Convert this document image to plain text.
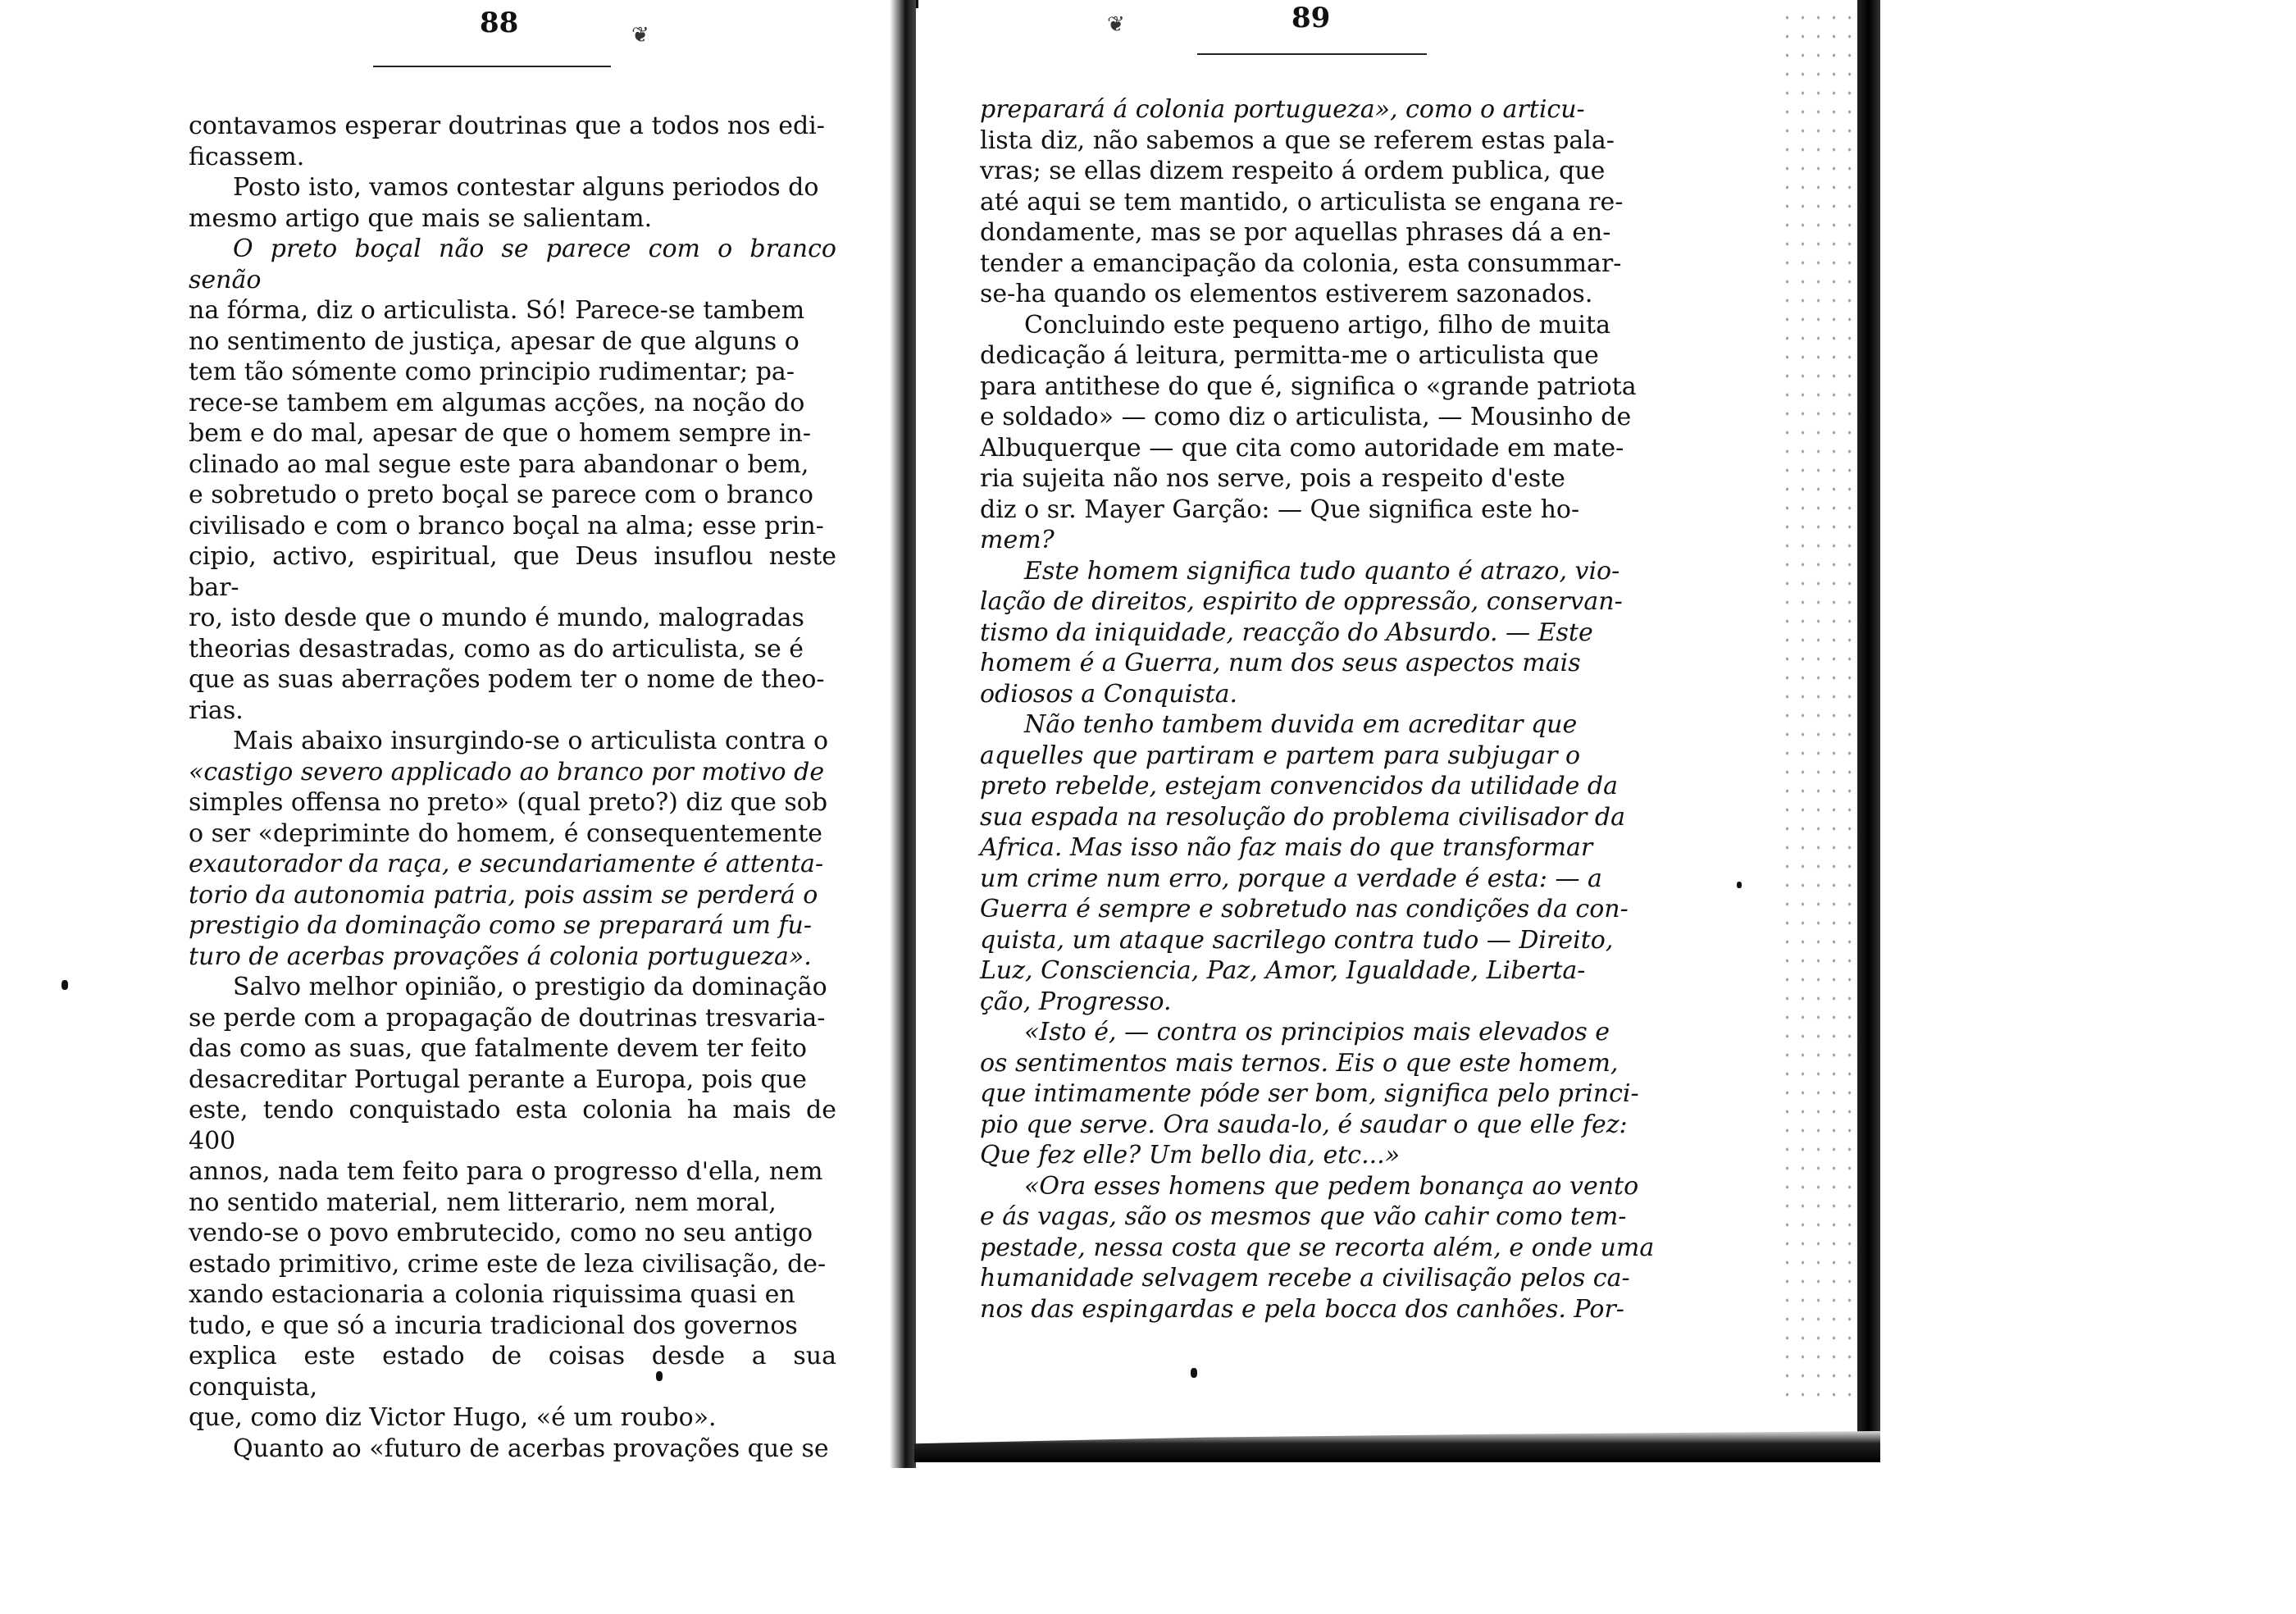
88	❦	❦	89

contavamos esperar doutrinas que a todos nos edi-

ficassem.

Posto isto, vamos contestar alguns periodos do

mesmo artigo que mais se salientam.

O preto boçal não se parece com o branco senão

na fórma, diz o articulista. Só! Parece-se tambem

no sentimento de justiça, apesar de que alguns o

tem tão sómente como principio rudimentar; pa-

rece-se tambem em algumas acções, na noção do

bem e do mal, apesar de que o homem sempre in-

clinado ao mal segue este para abandonar o bem,

e sobretudo o preto boçal se parece com o branco

civilisado e com o branco boçal na alma; esse prin-

cipio, activo, espiritual, que Deus insuflou neste bar-

ro, isto desde que o mundo é mundo, malogradas

theorias desastradas, como as do articulista, se é

que as suas aberrações podem ter o nome de theo-

rias.

Mais abaixo insurgindo-se o articulista contra o

«castigo severo applicado ao branco por motivo de

simples offensa no preto» (qual preto?) diz que sob

o ser «depriminte do homem, é consequentemente

exautorador da raça, e secundariamente é attenta-

torio da autonomia patria, pois assim se perderá o

prestigio da dominação como se preparará um fu-

turo de acerbas provações á colonia portugueza».

Salvo melhor opinião, o prestigio da dominação

se perde com a propagação de doutrinas tresvaria-

das como as suas, que fatalmente devem ter feito

desacreditar Portugal perante a Europa, pois que

este, tendo conquistado esta colonia ha mais de 400

annos, nada tem feito para o progresso d'ella, nem

no sentido material, nem litterario, nem moral,

vendo-se o povo embrutecido, como no seu antigo

estado primitivo, crime este de leza civilisação, de-

xando estacionaria a colonia riquissima quasi en

tudo, e que só a incuria tradicional dos governos

explica este estado de coisas desde a sua conquista,

que, como diz Victor Hugo, «é um roubo».

Quanto ao «futuro de acerbas provações que se

preparará á colonia portugueza», como o articu-

lista diz, não sabemos a que se referem estas pala-

vras; se ellas dizem respeito á ordem publica, que

até aqui se tem mantido, o articulista se engana re-

dondamente, mas se por aquellas phrases dá a en-

tender a emancipação da colonia, esta consummar-

se-ha quando os elementos estiverem sazonados.

Concluindo este pequeno artigo, filho de muita

dedicação á leitura, permitta-me o articulista que

para antithese do que é, significa o «grande patriota

e soldado» — como diz o articulista, — Mousinho de

Albuquerque — que cita como autoridade em mate-

ria sujeita não nos serve, pois a respeito d'este

diz o sr. Mayer Garção: — Que significa este ho-

mem?

Este homem significa tudo quanto é atrazo, vio-

lação de direitos, espirito de oppressão, conservan-

tismo da iniquidade, reacção do Absurdo. — Este

homem é a Guerra, num dos seus aspectos mais

odiosos a Conquista.

Não tenho tambem duvida em acreditar que

aquelles que partiram e partem para subjugar o

preto rebelde, estejam convencidos da utilidade da

sua espada na resolução do problema civilisador da

Africa. Mas isso não faz mais do que transformar

um crime num erro, porque a verdade é esta: — a

Guerra é sempre e sobretudo nas condições da con-

quista, um ataque sacrilego contra tudo — Direito,

Luz, Consciencia, Paz, Amor, Igualdade, Liberta-

ção, Progresso.

«Isto é, — contra os principios mais elevados e

os sentimentos mais ternos. Eis o que este homem,

que intimamente póde ser bom, significa pelo princi-

pio que serve. Ora sauda-lo, é saudar o que elle fez:

Que fez elle? Um bello dia, etc...»

«Ora esses homens que pedem bonança ao vento

e ás vagas, são os mesmos que vão cahir como tem-

pestade, nessa costa que se recorta além, e onde uma

humanidade selvagem recebe a civilisação pelos ca-

nos das espingardas e pela bocca dos canhões. Por-
